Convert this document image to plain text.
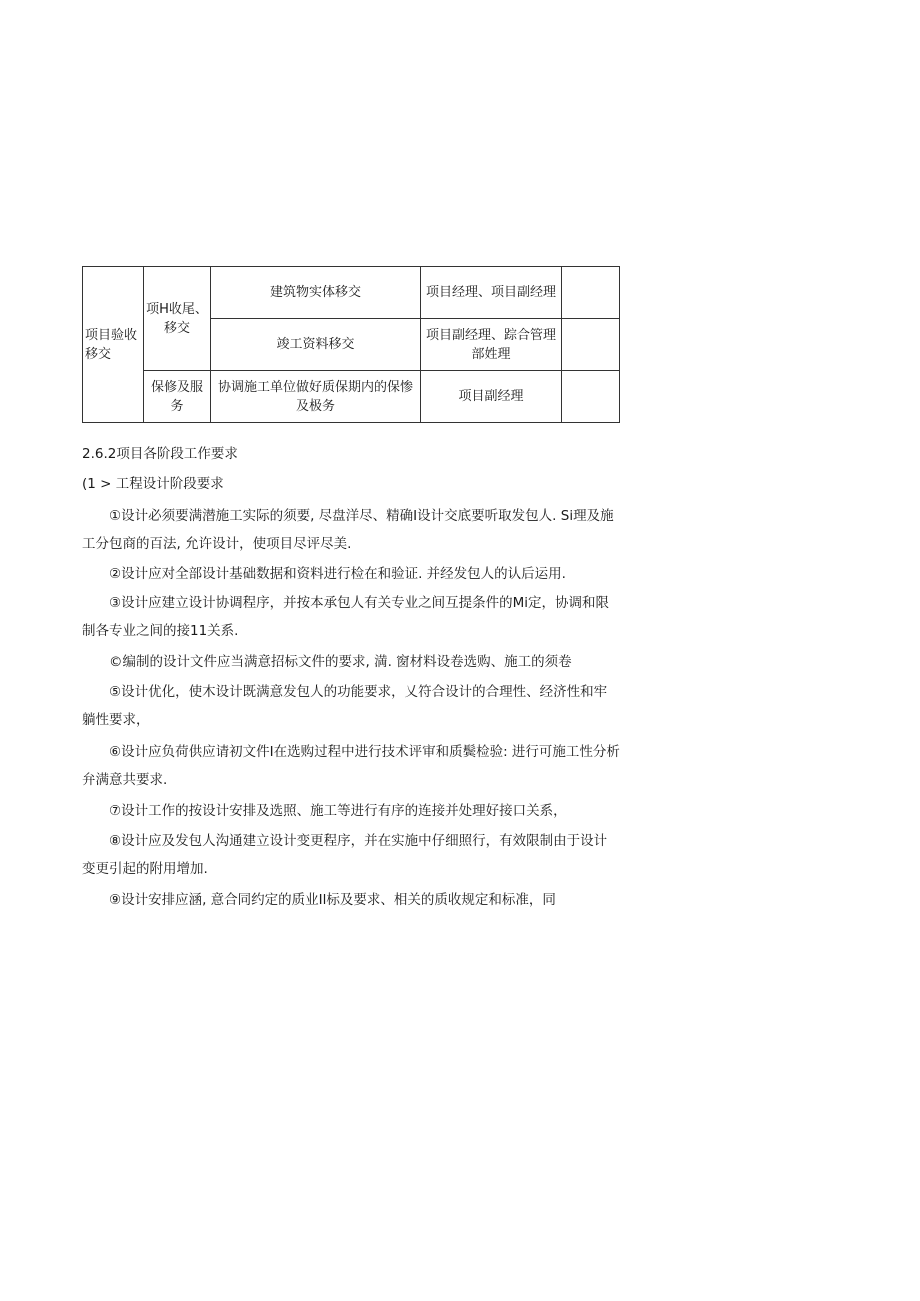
项目验收移交	项H收尾、移交	建筑物实体移交	项目经理、项目副经理	
		竣工资料移交	项目副经理、踪合管理部姓理	
	保修及服务	协调施工单位做好质保期内的保惨及极务	项目副经理	
2.6.2项目各阶段工作要求
(1 > 工程设计阶段要求

①设计必须要满潜施工实际的须要, 尽盘洋尽、精确I设计交底要听取发包人. Si理及施工分包商的百法, 允许设计，使项目尽评尽美.

②设计应对全部设计基础数据和资料进行检在和验证. 并经发包人的认后运用.

③设计应建立设计协调程序，并按本承包人有关专业之间互提条件的Mi定，协调和限制各专业之间的接11关系.

©编制的设计文件应当满意招标文件的要求, 満. 窗材料设卷选购、施工的须卷

⑤设计优化，使木设计既满意发包人的功能要求，乂符合设计的合理性、经济性和牢躺性要求，

⑥设计应负荷供应请初文件I在选购过程中进行技术评审和质鬓检验: 进行可施工性分析弁满意共要求.

⑦设计工作的按设计安排及选照、施工等进行有序的连接并处理好接口关系，

⑧设计应及发包人沟通建立设计变更程序，并在实施中仔细照行，有效限制由于设计变更引起的附用增加.

⑨设计安排应涵, 意合同约定的质业Il标及要求、相关的质收规定和标准，同
